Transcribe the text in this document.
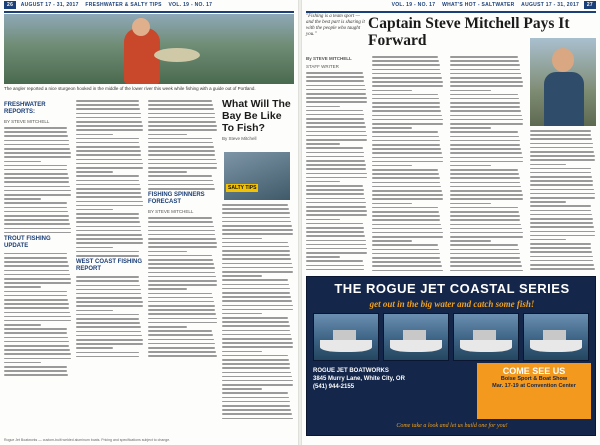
26 AUGUST 17 - 31, 2017 FRESHWATER & SALTY TIPS VOL. 19 - NO. 17
The angler reported a nice sturgeon hooked in the middle of the lower river this week while fishing with a guide out of Portland.
FRESHWATER REPORTS:
BY STEVE MITCHELL
TROUT FISHING UPDATE
WEST COAST FISHING REPORT
FISHING SPINNERS FORECAST
BY STEVE MITCHELL
What Will The Bay Be Like To Fish?
By Steve Mitchell
SALTY TIPS
VOL. 19 - NO. 17 WHAT'S HOT - SALTWATER AUGUST 17 - 31, 2017 27
"Fishing is a team sport — and the best part is sharing it with the people who taught you."
Captain Steve Mitchell Pays It Forward
By STEVE MITCHELL
STAFF WRITER
THE ROGUE JET COASTAL SERIES
get out in the big water and catch some fish!
ROGUE JET BOATWORKS
3845 Murry Lane, White City, OR
(541) 944-2155
COME SEE US
Boise Sport & Boat Show
Mar. 17-19 at Convention Center
Come take a look and let us build one for you!
Rogue Jet Boatworks — custom-built welded aluminum boats. Pricing and specifications subject to change.
